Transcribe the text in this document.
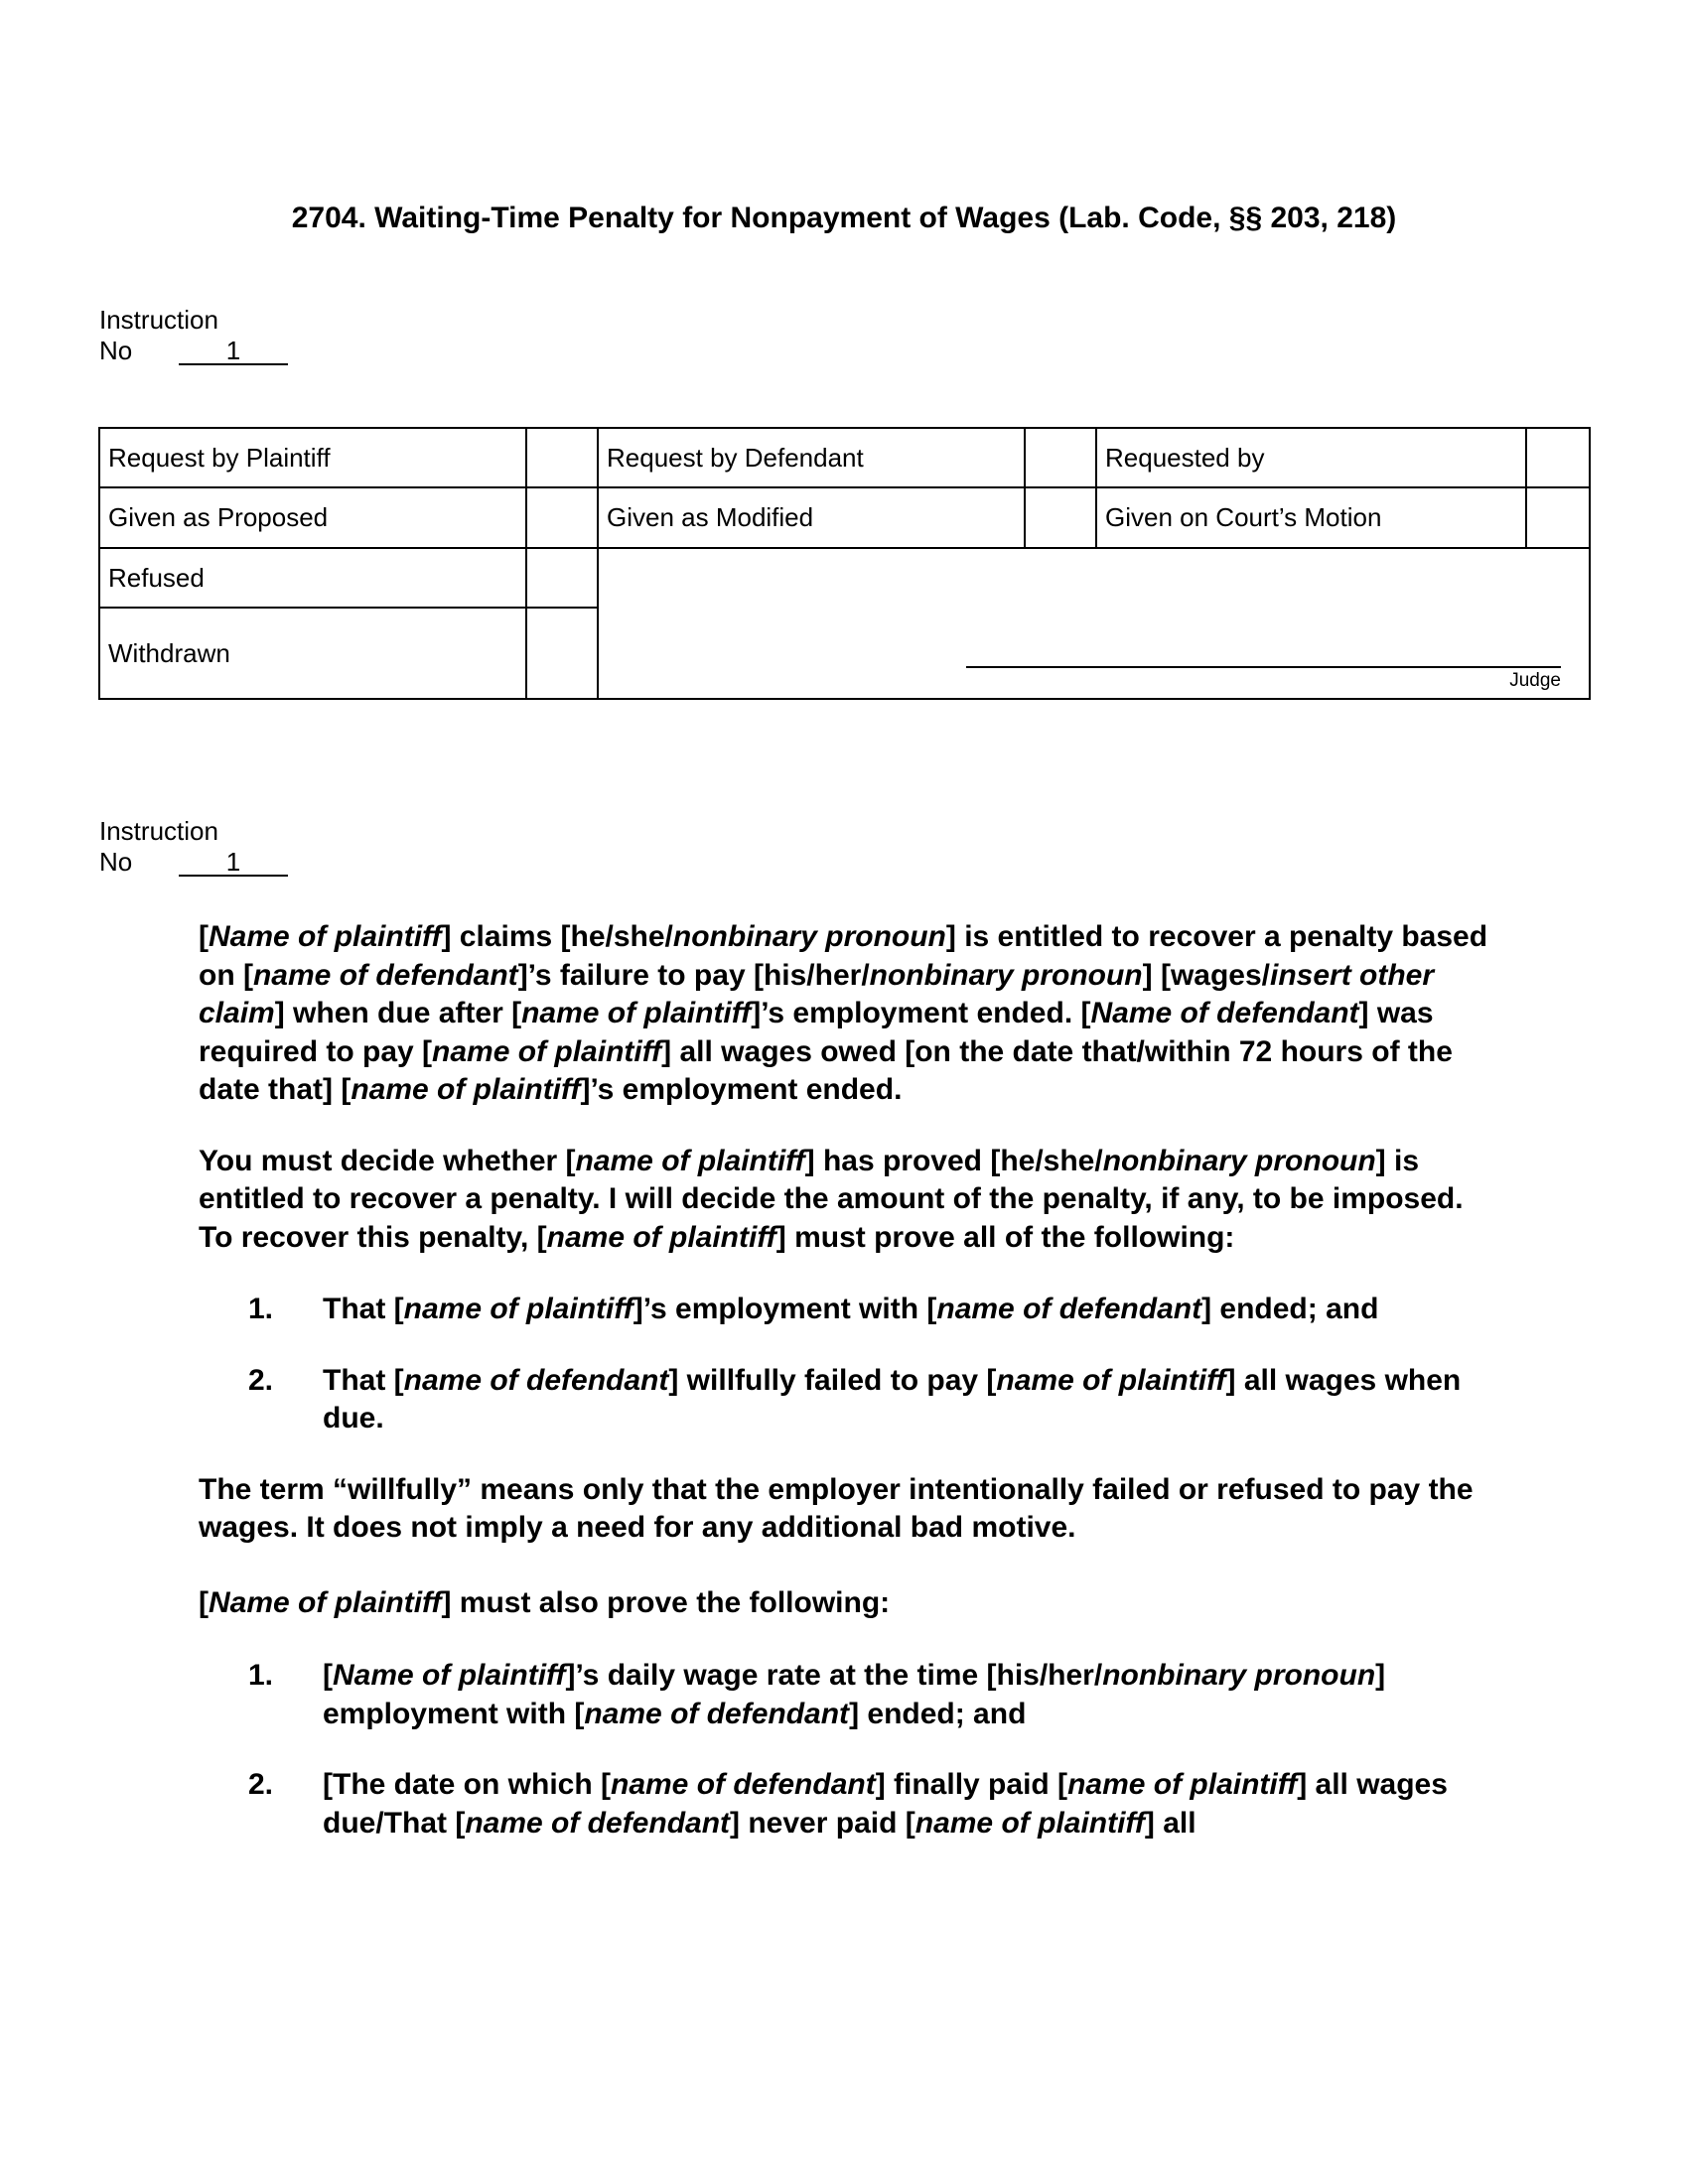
2704. Waiting-Time Penalty for Nonpayment of Wages (Lab. Code, §§ 203, 218)
Instruction
No	1
Request by Plaintiff		Request by Defendant		Requested by	
Given as Proposed		Given as Modified		Given on Court’s Motion	
Refused		Judge			

Withdrawn					
Instruction
No	1

[Name of plaintiff] claims [he/she/nonbinary pronoun] is entitled to recover a penalty based on [name of defendant]’s failure to pay [his/her/nonbinary pronoun] [wages/insert other claim] when due after [name of plaintiff]’s employment ended. [Name of defendant] was required to pay [name of plaintiff] all wages owed [on the date that/within 72 hours of the date that] [name of plaintiff]’s employment ended.

You must decide whether [name of plaintiff] has proved [he/she/nonbinary pronoun] is entitled to recover a penalty. I will decide the amount of the penalty, if any, to be imposed. To recover this penalty, [name of plaintiff] must prove all of the following:

1.	That [name of plaintiff]’s employment with [name of defendant] ended; and
2.	That [name of defendant] willfully failed to pay [name of plaintiff] all wages when due.

The term “willfully” means only that the employer intentionally failed or refused to pay the wages. It does not imply a need for any additional bad motive.

[Name of plaintiff] must also prove the following:

1.	[Name of plaintiff]’s daily wage rate at the time [his/her/nonbinary pronoun] employment with [name of defendant] ended; and
2.	[The date on which [name of defendant] finally paid [name of plaintiff] all wages due/That [name of defendant] never paid [name of plaintiff] all
